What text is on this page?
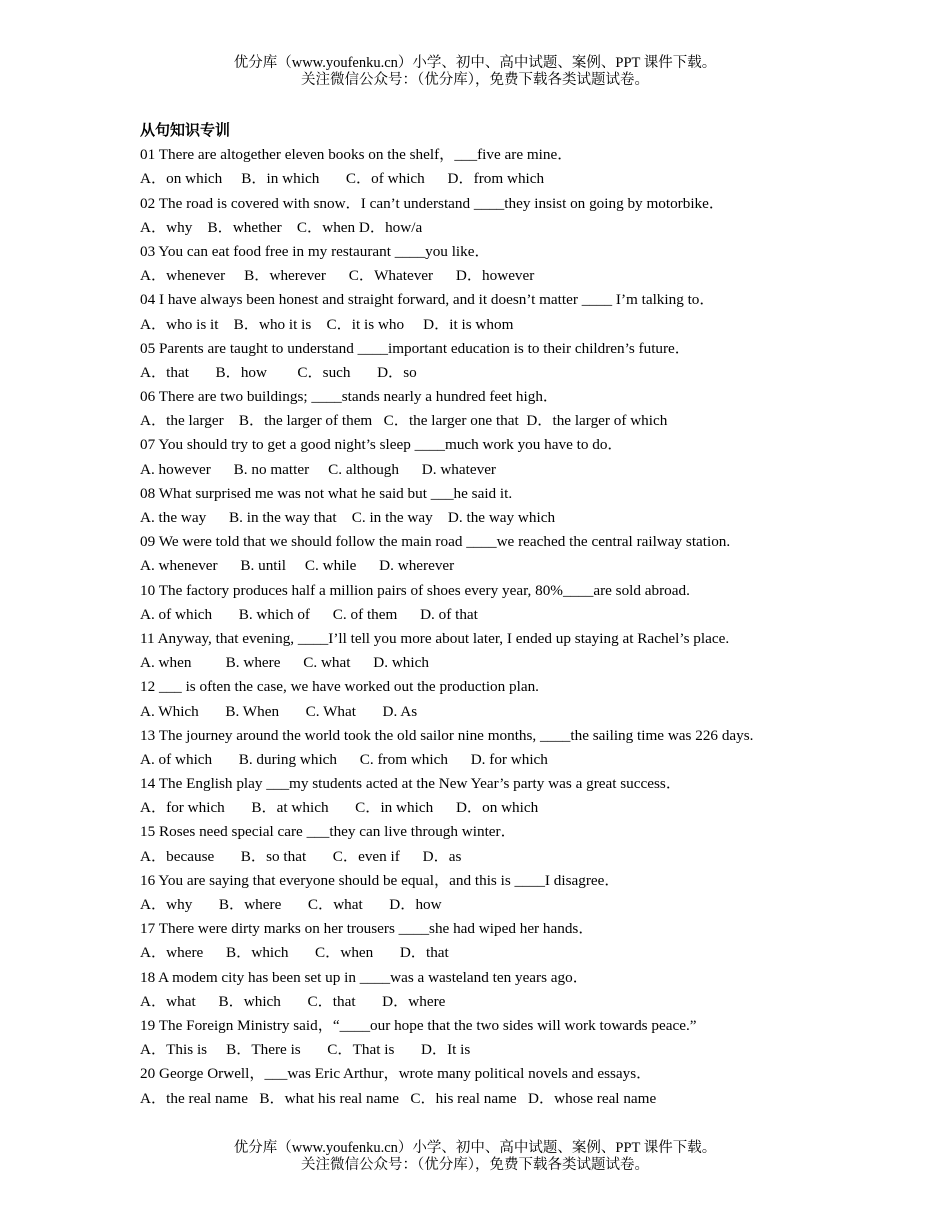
优分库（www.youfenku.cn）小学、初中、高中试题、案例、PPT 课件下载。
关注微信公众号：（优分库），免费下载各类试题试卷。
从句知识专训
01 There are altogether eleven books on the shelf，___five are mine．
A．on which     B．in which       C．of which      D．from which
02 The road is covered with snow．I can’t understand ____they insist on going by motorbike．
A．why    B．whether    C．when D．how/a
03 You can eat food free in my restaurant ____you like．
A．whenever     B．wherever      C．Whatever      D．however
04 I have always been honest and straight forward, and it doesn’t matter ____ I’m talking to．
A．who is it    B．who it is    C．it is who     D．it is whom
05 Parents are taught to understand ____important education is to their children’s future．
A．that       B．how        C．such       D．so
06 There are two buildings; ____stands nearly a hundred feet high．
A．the larger    B．the larger of them   C．the larger one that  D．the larger of which
07 You should try to get a good night’s sleep ____much work you have to do．
A. however      B. no matter     C. although      D. whatever
08 What surprised me was not what he said but ___he said it.
A. the way      B. in the way that    C. in the way    D. the way which
09 We were told that we should follow the main road ____we reached the central railway station.
A. whenever      B. until     C. while      D. wherever
10 The factory produces half a million pairs of shoes every year, 80%____are sold abroad.
A. of which       B. which of      C. of them      D. of that
11 Anyway, that evening, ____I’ll tell you more about later, I ended up staying at Rachel’s place.
A. when         B. where      C. what      D. which
12 ___ is often the case, we have worked out the production plan.
A. Which       B. When       C. What       D. As
13 The journey around the world took the old sailor nine months, ____the sailing time was 226 days.
A. of which       B. during which      C. from which      D. for which
14 The English play ___my students acted at the New Year’s party was a great success．
A．for which       B．at which       C．in which      D．on which
15 Roses need special care ___they can live through winter．
A．because       B．so that       C．even if      D．as
16 You are saying that everyone should be equal，and this is ____I disagree．
A．why       B．where       C．what       D．how
17 There were dirty marks on her trousers ____she had wiped her hands．
A．where      B．which       C．when       D．that
18 A modem city has been set up in ____was a wasteland ten years ago．
A．what      B．which       C．that       D．where
19 The Foreign Ministry said，“____our hope that the two sides will work towards peace.”
A．This is     B．There is       C．That is       D．It is
20 George Orwell，___was Eric Arthur，wrote many political novels and essays．
A．the real name   B．what his real name   C．his real name   D．whose real name
优分库（www.youfenku.cn）小学、初中、高中试题、案例、PPT 课件下载。
关注微信公众号：（优分库），免费下载各类试题试卷。
